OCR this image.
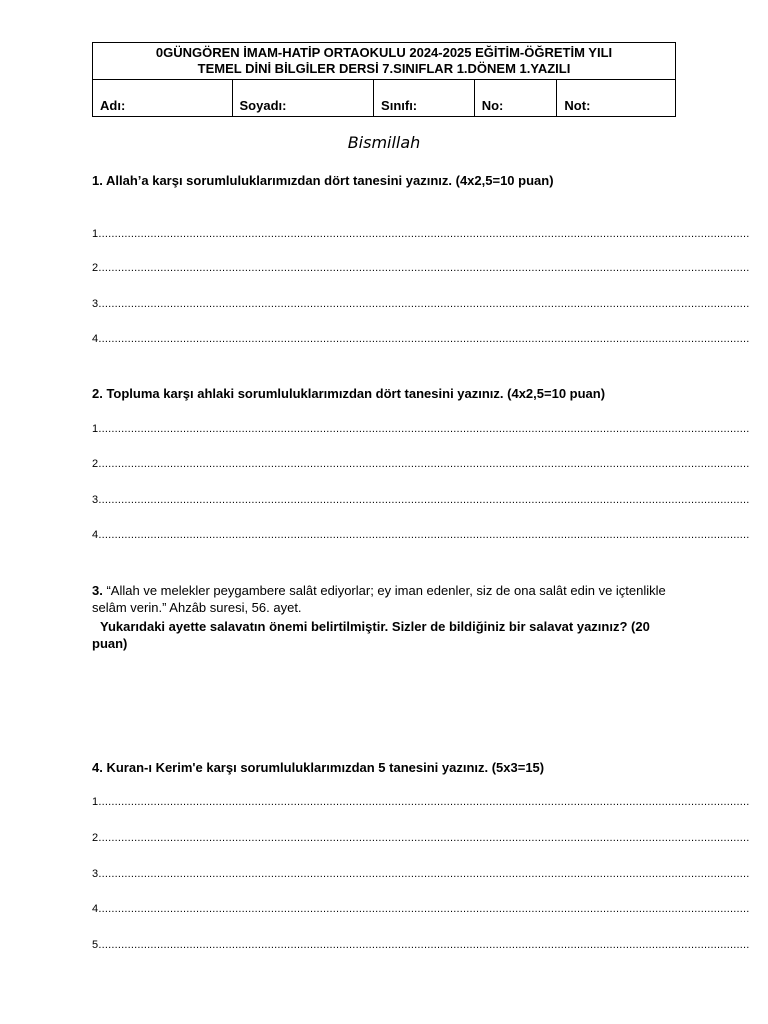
0GÜNGÖREN İMAM-HATİP ORTAOKULU 2024-2025 EĞİTİM-ÖĞRETİM YILI
TEMEL DİNİ BİLGİLER DERSİ 7.SINIFLAR 1.DÖNEM 1.YAZILI
Adı:	Soyadı:	Sınıfı:	No:	Not:
Bismillah
1. Allah’a karşı sorumluluklarımızdan dört tanesini yazınız. (4x2,5=10 puan)
1........................................................................................................................................................................................................
2........................................................................................................................................................................................................
3........................................................................................................................................................................................................
4........................................................................................................................................................................................................
2. Topluma karşı ahlaki sorumluluklarımızdan dört tanesini yazınız. (4x2,5=10 puan)
1........................................................................................................................................................................................................
2........................................................................................................................................................................................................
3........................................................................................................................................................................................................
4........................................................................................................................................................................................................
3. “Allah ve melekler peygambere salât ediyorlar; ey iman edenler, siz de ona salât edin ve içtenlikle selâm verin.” Ahzâb suresi, 56. ayet.
Yukarıdaki ayette salavatın önemi belirtilmiştir. Sizler de bildiğiniz bir salavat yazınız? (20 puan)
4. Kuran-ı Kerim'e karşı sorumluluklarımızdan 5 tanesini yazınız. (5x3=15)
1........................................................................................................................................................................................................
2........................................................................................................................................................................................................
3........................................................................................................................................................................................................
4........................................................................................................................................................................................................
5........................................................................................................................................................................................................
